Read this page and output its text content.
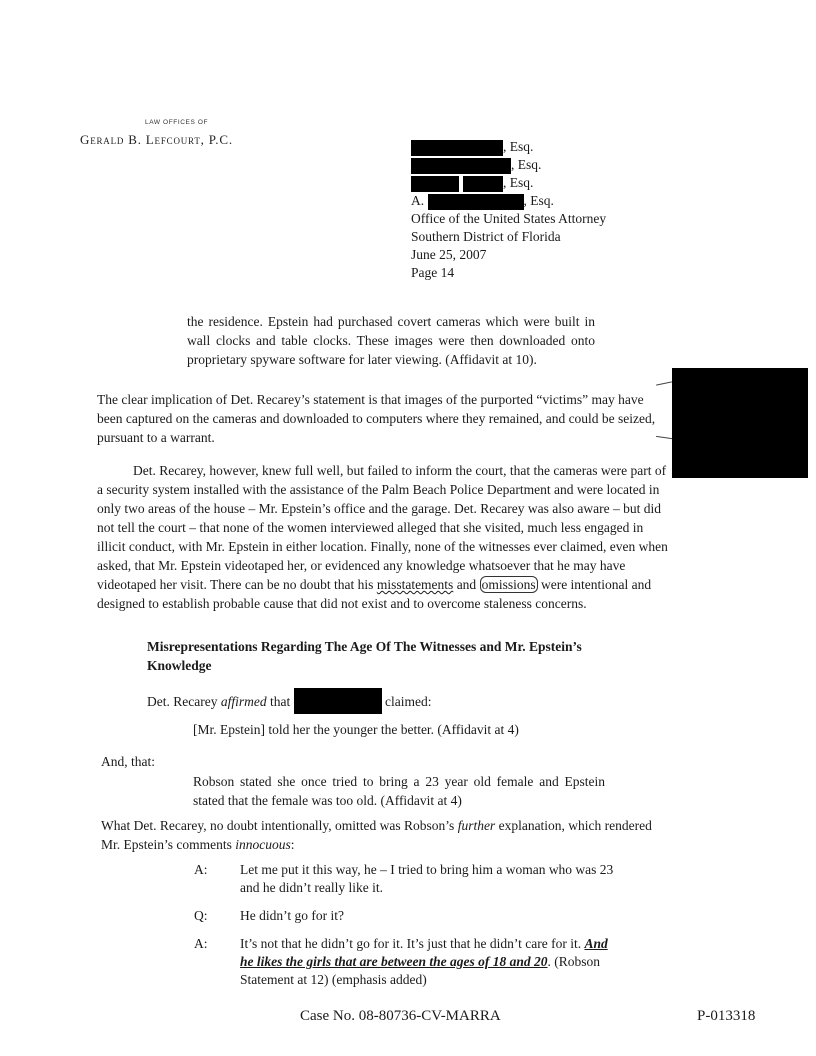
LAW OFFICES OF
Gerald B. Lefcourt, P.C.	, Esq.
, Esq.
, Esq.
A.	, Esq.
Office of the United States Attorney
Southern District of Florida
June 25, 2007
Page 14
the residence. Epstein had purchased covert cameras which were built in wall clocks and table clocks. These images were then downloaded onto proprietary spyware software for later viewing. (Affidavit at 10).
The clear implication of Det. Recarey’s statement is that images of the purported “victims” may have been captured on the cameras and downloaded to computers where they remained, and could be seized, pursuant to a warrant.
Det. Recarey, however, knew full well, but failed to inform the court, that the cameras were part of a security system installed with the assistance of the Palm Beach Police Department and were located in only two areas of the house – Mr. Epstein’s office and the garage. Det. Recarey was also aware – but did not tell the court – that none of the women interviewed alleged that she visited, much less engaged in illicit conduct, with Mr. Epstein in either location. Finally, none of the witnesses ever claimed, even when asked, that Mr. Epstein videotaped her, or evidenced any knowledge whatsoever that he may have videotaped her visit. There can be no doubt that his misstatements and omissions were intentional and designed to establish probable cause that did not exist and to overcome staleness concerns.
Misrepresentations Regarding The Age Of The Witnesses and Mr. Epstein’s Knowledge
Det. Recarey affirmed that	claimed:
[Mr. Epstein] told her the younger the better. (Affidavit at 4)
And, that:
Robson stated she once tried to bring a 23 year old female and Epstein stated that the female was too old. (Affidavit at 4)
What Det. Recarey, no doubt intentionally, omitted was Robson’s further explanation, which rendered Mr. Epstein’s comments innocuous:
A:	Let me put it this way, he – I tried to bring him a woman who was 23 and he didn’t really like it.
Q:	He didn’t go for it?
A:	It’s not that he didn’t go for it. It’s just that he didn’t care for it. And he likes the girls that are between the ages of 18 and 20. (Robson Statement at 12) (emphasis added)
Case No. 08-80736-CV-MARRA	P-013318
